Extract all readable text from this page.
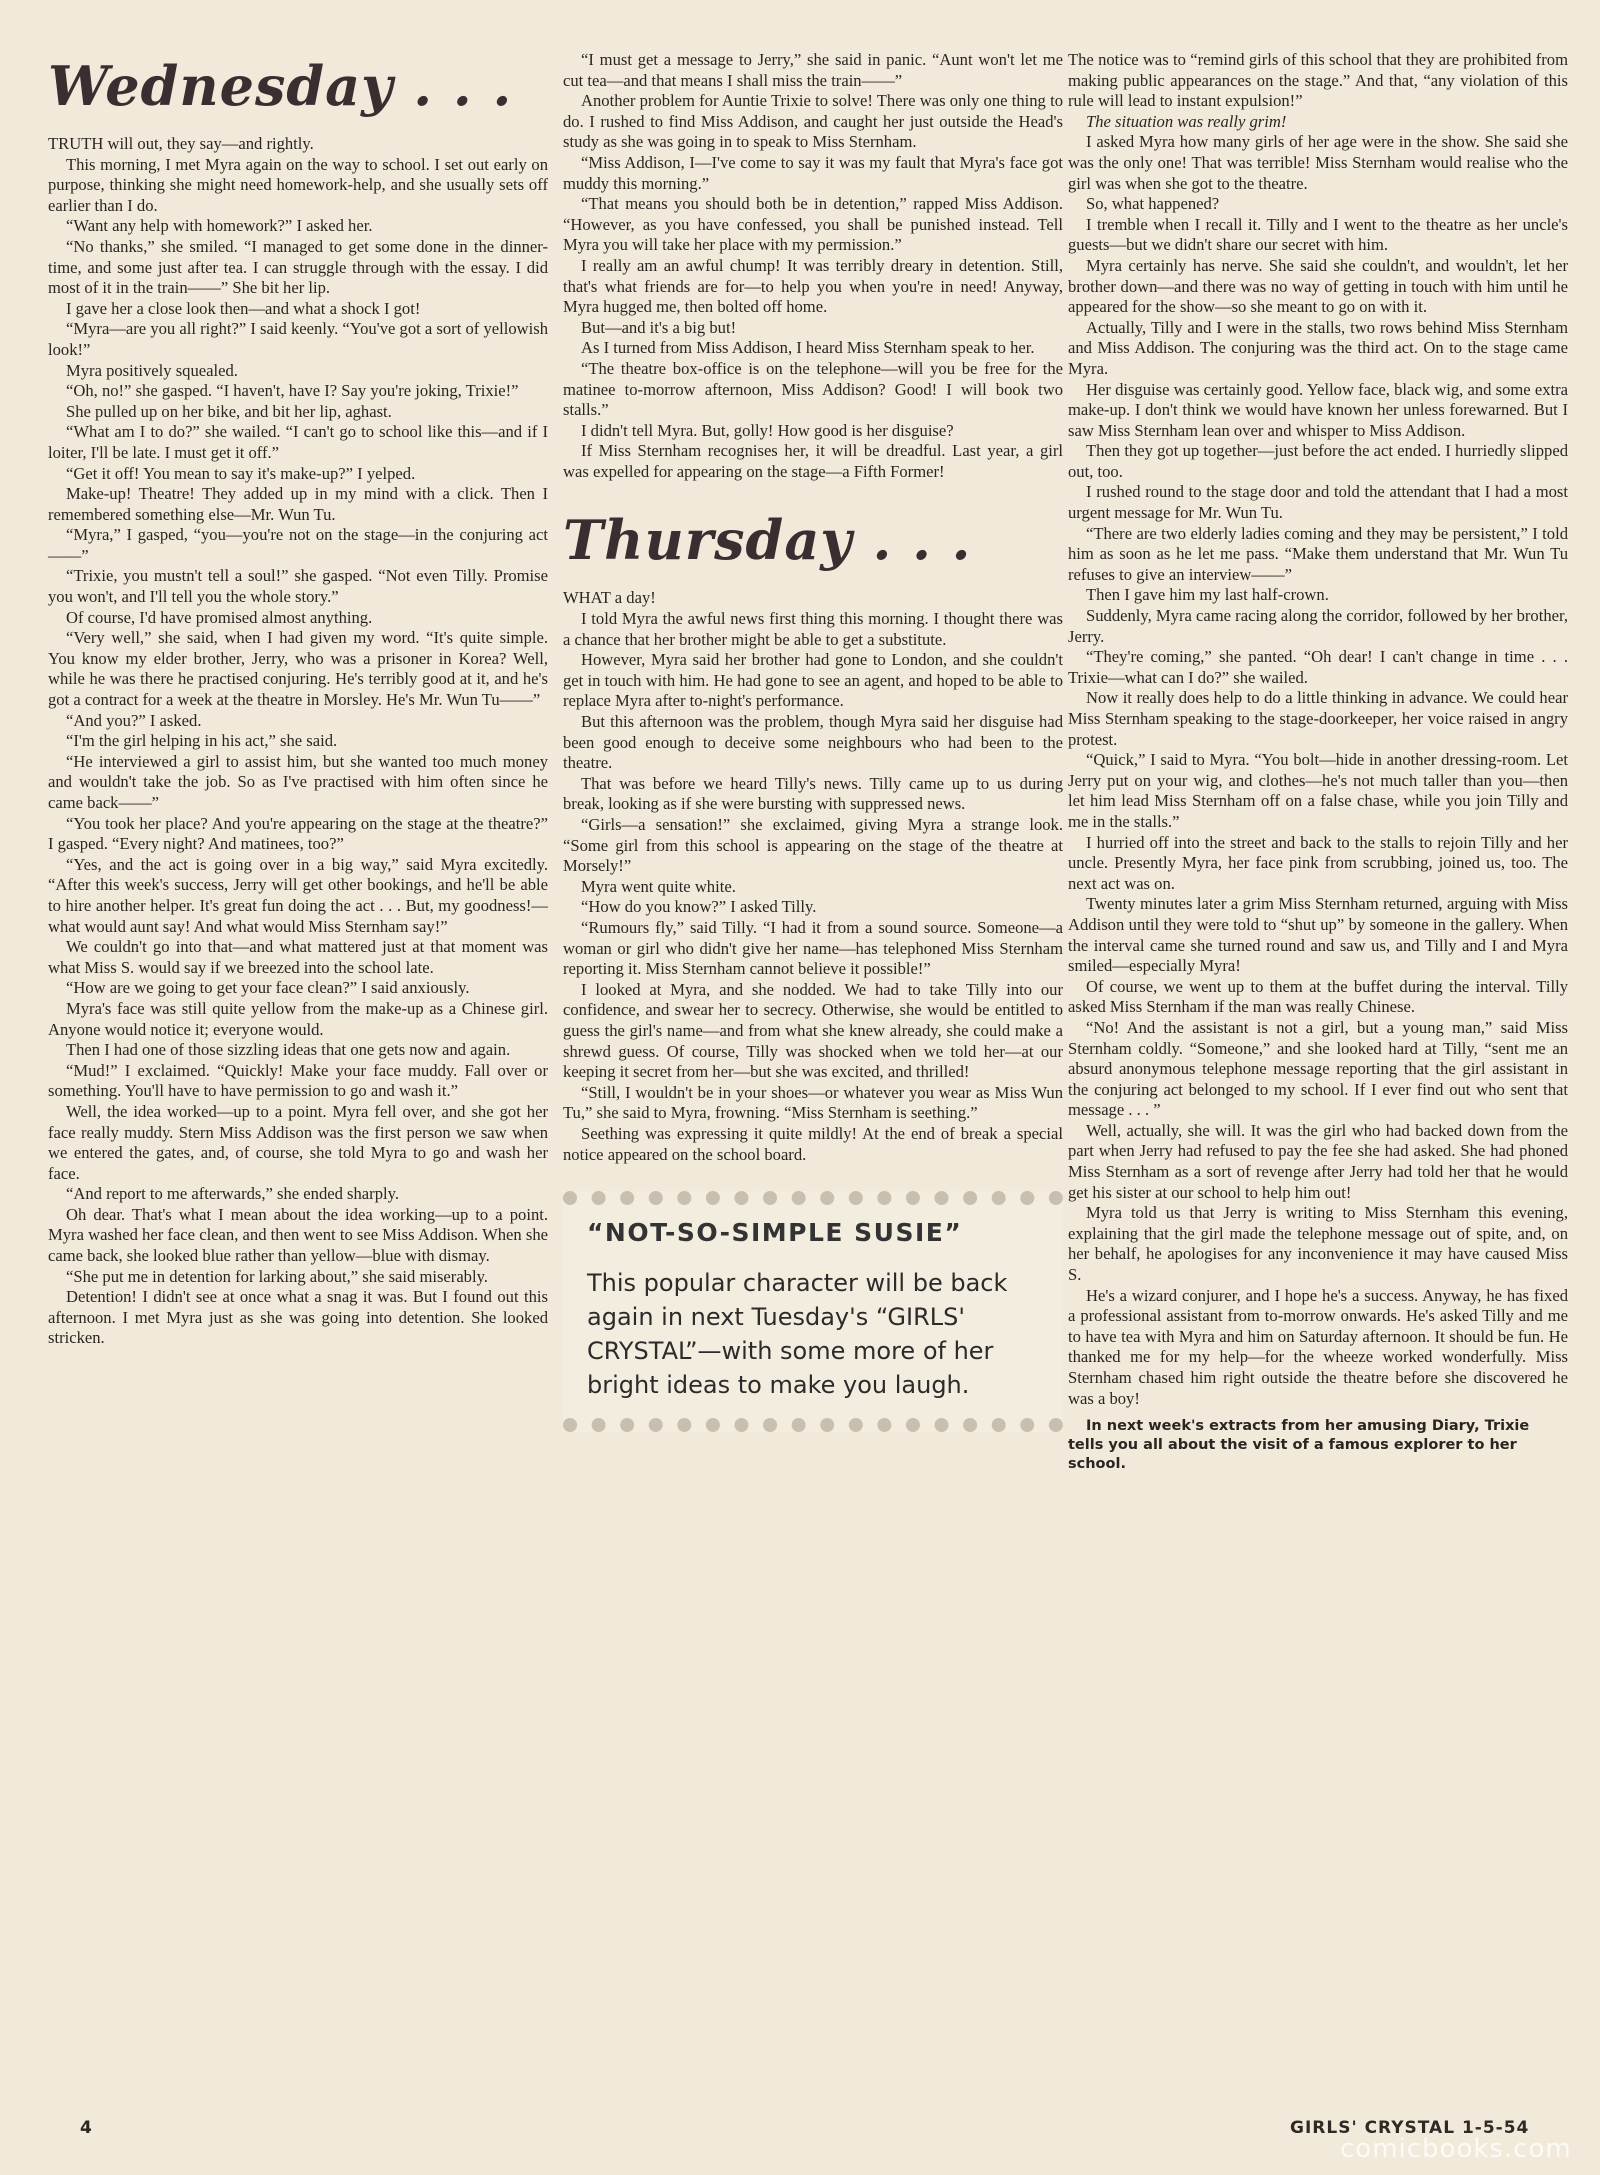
Wednesday . . .

TRUTH will out, they say—and rightly.

This morning, I met Myra again on the way to school. I set out early on purpose, thinking she might need homework-help, and she usually sets off earlier than I do.

“Want any help with homework?” I asked her.

“No thanks,” she smiled. “I managed to get some done in the dinner-time, and some just after tea. I can struggle through with the essay. I did most of it in the train——” She bit her lip.

I gave her a close look then—and what a shock I got!

“Myra—are you all right?” I said keenly. “You've got a sort of yellowish look!”

Myra positively squealed.

“Oh, no!” she gasped. “I haven't, have I? Say you're joking, Trixie!”

She pulled up on her bike, and bit her lip, aghast.

“What am I to do?” she wailed. “I can't go to school like this—and if I loiter, I'll be late. I must get it off.”

“Get it off! You mean to say it's make-up?” I yelped.

Make-up! Theatre! They added up in my mind with a click. Then I remembered something else—Mr. Wun Tu.

“Myra,” I gasped, “you—you're not on the stage—in the conjuring act——”

“Trixie, you mustn't tell a soul!” she gasped. “Not even Tilly. Promise you won't, and I'll tell you the whole story.”

Of course, I'd have promised almost anything.

“Very well,” she said, when I had given my word. “It's quite simple. You know my elder brother, Jerry, who was a prisoner in Korea? Well, while he was there he practised conjuring. He's terribly good at it, and he's got a contract for a week at the theatre in Morsley. He's Mr. Wun Tu——”

“And you?” I asked.

“I'm the girl helping in his act,” she said.

“He interviewed a girl to assist him, but she wanted too much money and wouldn't take the job. So as I've practised with him often since he came back——”

“You took her place? And you're appearing on the stage at the theatre?” I gasped. “Every night? And matinees, too?”

“Yes, and the act is going over in a big way,” said Myra excitedly. “After this week's success, Jerry will get other bookings, and he'll be able to hire another helper. It's great fun doing the act . . . But, my goodness!—what would aunt say! And what would Miss Sternham say!”

We couldn't go into that—and what mattered just at that moment was what Miss S. would say if we breezed into the school late.

“How are we going to get your face clean?” I said anxiously.

Myra's face was still quite yellow from the make-up as a Chinese girl. Anyone would notice it; everyone would.

Then I had one of those sizzling ideas that one gets now and again.

“Mud!” I exclaimed. “Quickly! Make your face muddy. Fall over or something. You'll have to have permission to go and wash it.”

Well, the idea worked—up to a point. Myra fell over, and she got her face really muddy. Stern Miss Addison was the first person we saw when we entered the gates, and, of course, she told Myra to go and wash her face.

“And report to me afterwards,” she ended sharply.

Oh dear. That's what I mean about the idea working—up to a point. Myra washed her face clean, and then went to see Miss Addison. When she came back, she looked blue rather than yellow—blue with dismay.

“She put me in detention for larking about,” she said miserably.

Detention! I didn't see at once what a snag it was. But I found out this afternoon. I met Myra just as she was going into detention. She looked stricken.

“I must get a message to Jerry,” she said in panic. “Aunt won't let me cut tea—and that means I shall miss the train——”

Another problem for Auntie Trixie to solve! There was only one thing to do. I rushed to find Miss Addison, and caught her just outside the Head's study as she was going in to speak to Miss Sternham.

“Miss Addison, I—I've come to say it was my fault that Myra's face got muddy this morning.”

“That means you should both be in detention,” rapped Miss Addison. “However, as you have confessed, you shall be punished instead. Tell Myra you will take her place with my permission.”

I really am an awful chump! It was terribly dreary in detention. Still, that's what friends are for—to help you when you're in need! Anyway, Myra hugged me, then bolted off home.

But—and it's a big but!

As I turned from Miss Addison, I heard Miss Sternham speak to her.

“The theatre box-office is on the telephone—will you be free for the matinee to-morrow afternoon, Miss Addison? Good! I will book two stalls.”

I didn't tell Myra. But, golly! How good is her disguise?

If Miss Sternham recognises her, it will be dreadful. Last year, a girl was expelled for appearing on the stage—a Fifth Former!

Thursday . . .

WHAT a day!

I told Myra the awful news first thing this morning. I thought there was a chance that her brother might be able to get a substitute.

However, Myra said her brother had gone to London, and she couldn't get in touch with him. He had gone to see an agent, and hoped to be able to replace Myra after to-night's performance.

But this afternoon was the problem, though Myra said her disguise had been good enough to deceive some neighbours who had been to the theatre.

That was before we heard Tilly's news. Tilly came up to us during break, looking as if she were bursting with suppressed news.

“Girls—a sensation!” she exclaimed, giving Myra a strange look. “Some girl from this school is appearing on the stage of the theatre at Morsely!”

Myra went quite white.

“How do you know?” I asked Tilly.

“Rumours fly,” said Tilly. “I had it from a sound source. Someone—a woman or girl who didn't give her name—has telephoned Miss Sternham reporting it. Miss Sternham cannot believe it possible!”

I looked at Myra, and she nodded. We had to take Tilly into our confidence, and swear her to secrecy. Otherwise, she would be entitled to guess the girl's name—and from what she knew already, she could make a shrewd guess. Of course, Tilly was shocked when we told her—at our keeping it secret from her—but she was excited, and thrilled!

“Still, I wouldn't be in your shoes—or whatever you wear as Miss Wun Tu,” she said to Myra, frowning. “Miss Sternham is seething.”

Seething was expressing it quite mildly! At the end of break a special notice appeared on the school board.

“NOT-SO-SIMPLE SUSIE”
This popular character will be back again in next Tuesday's “GIRLS' CRYSTAL”—with some more of her bright ideas to make you laugh.

The notice was to “remind girls of this school that they are prohibited from making public appearances on the stage.” And that, “any violation of this rule will lead to instant expulsion!”

The situation was really grim!

I asked Myra how many girls of her age were in the show. She said she was the only one! That was terrible! Miss Sternham would realise who the girl was when she got to the theatre.

So, what happened?

I tremble when I recall it. Tilly and I went to the theatre as her uncle's guests—but we didn't share our secret with him.

Myra certainly has nerve. She said she couldn't, and wouldn't, let her brother down—and there was no way of getting in touch with him until he appeared for the show—so she meant to go on with it.

Actually, Tilly and I were in the stalls, two rows behind Miss Sternham and Miss Addison. The conjuring was the third act. On to the stage came Myra.

Her disguise was certainly good. Yellow face, black wig, and some extra make-up. I don't think we would have known her unless forewarned. But I saw Miss Sternham lean over and whisper to Miss Addison.

Then they got up together—just before the act ended. I hurriedly slipped out, too.

I rushed round to the stage door and told the attendant that I had a most urgent message for Mr. Wun Tu.

“There are two elderly ladies coming and they may be persistent,” I told him as soon as he let me pass. “Make them understand that Mr. Wun Tu refuses to give an interview——”

Then I gave him my last half-crown.

Suddenly, Myra came racing along the corridor, followed by her brother, Jerry.

“They're coming,” she panted. “Oh dear! I can't change in time . . . Trixie—what can I do?” she wailed.

Now it really does help to do a little thinking in advance. We could hear Miss Sternham speaking to the stage-doorkeeper, her voice raised in angry protest.

“Quick,” I said to Myra. “You bolt—hide in another dressing-room. Let Jerry put on your wig, and clothes—he's not much taller than you—then let him lead Miss Sternham off on a false chase, while you join Tilly and me in the stalls.”

I hurried off into the street and back to the stalls to rejoin Tilly and her uncle. Presently Myra, her face pink from scrubbing, joined us, too. The next act was on.

Twenty minutes later a grim Miss Sternham returned, arguing with Miss Addison until they were told to “shut up” by someone in the gallery. When the interval came she turned round and saw us, and Tilly and I and Myra smiled—especially Myra!

Of course, we went up to them at the buffet during the interval. Tilly asked Miss Sternham if the man was really Chinese.

“No! And the assistant is not a girl, but a young man,” said Miss Sternham coldly. “Someone,” and she looked hard at Tilly, “sent me an absurd anonymous telephone message reporting that the girl assistant in the conjuring act belonged to my school. If I ever find out who sent that message . . . ”

Well, actually, she will. It was the girl who had backed down from the part when Jerry had refused to pay the fee she had asked. She had phoned Miss Sternham as a sort of revenge after Jerry had told her that he would get his sister at our school to help him out!

Myra told us that Jerry is writing to Miss Sternham this evening, explaining that the girl made the telephone message out of spite, and, on her behalf, he apologises for any inconvenience it may have caused Miss S.

He's a wizard conjurer, and I hope he's a success. Anyway, he has fixed a professional assistant from to-morrow onwards. He's asked Tilly and me to have tea with Myra and him on Saturday afternoon. It should be fun. He thanked me for my help—for the wheeze worked wonderfully. Miss Sternham chased him right outside the theatre before she discovered he was a boy!

In next week's extracts from her amusing Diary, Trixie tells you all about the visit of a famous explorer to her school.

4	GIRLS' CRYSTAL 1-5-54
comicbooks.com
